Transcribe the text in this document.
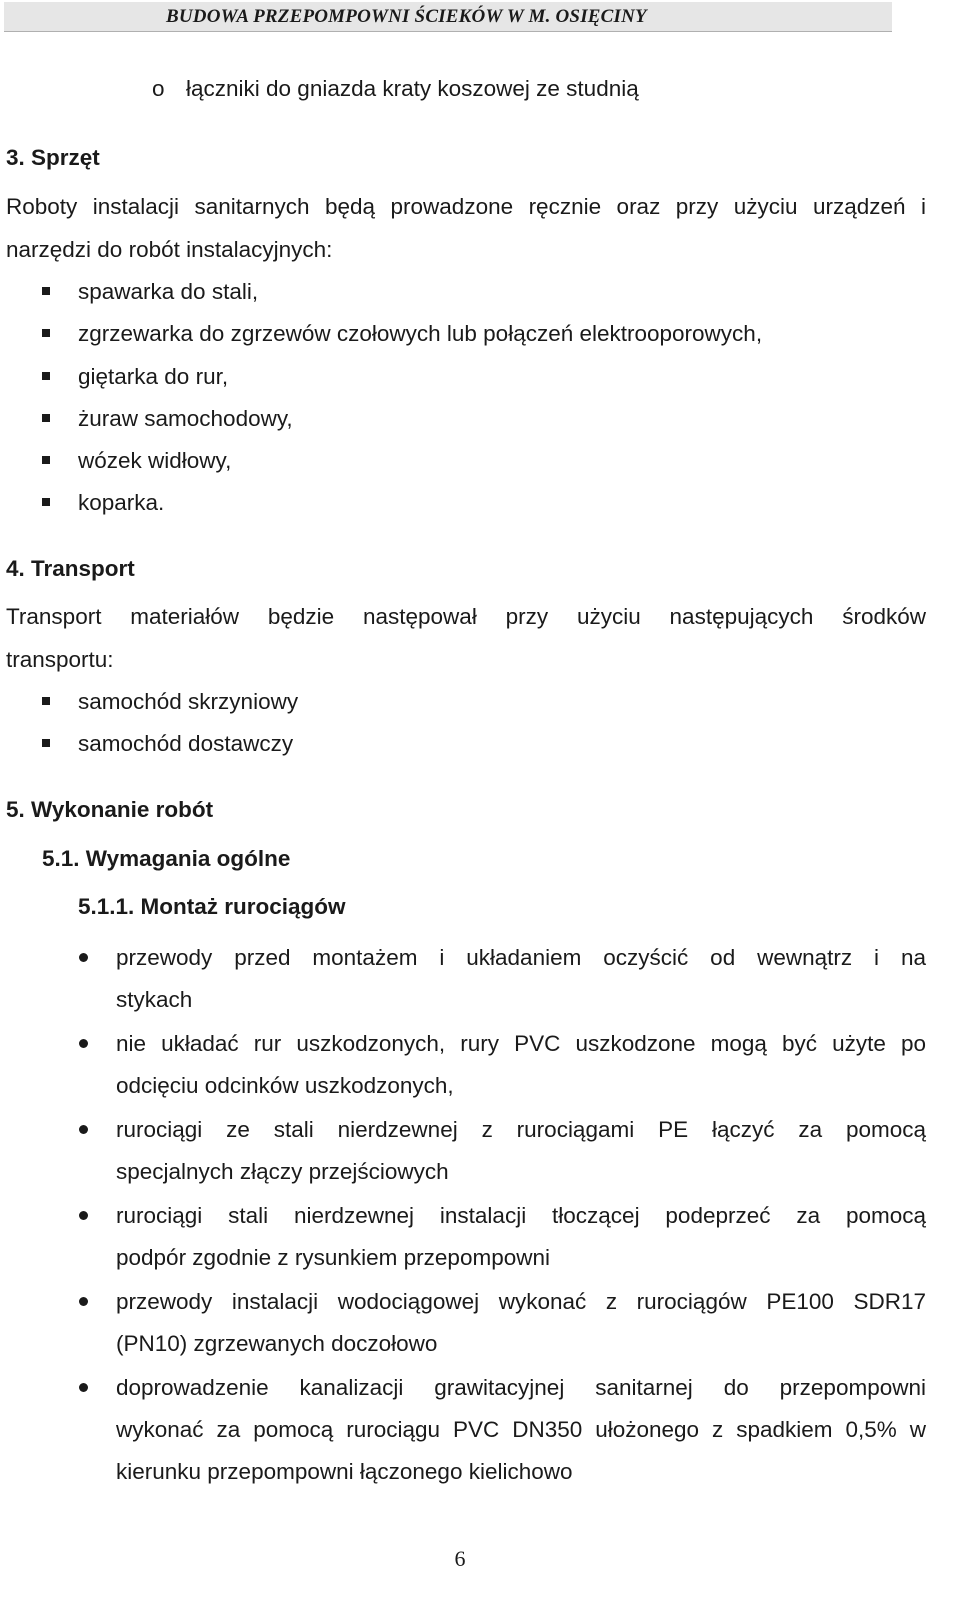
BUDOWA PRZEPOMPOWNI ŚCIEKÓW W M. OSIĘCINY
o łączniki do gniazda kraty koszowej ze studnią
3. Sprzęt
Roboty instalacji sanitarnych będą prowadzone ręcznie oraz przy użyciu urządzeń i
narzędzi do robót instalacyjnych:
spawarka do stali,
zgrzewarka do zgrzewów czołowych lub połączeń elektrooporowych,
giętarka do rur,
żuraw samochodowy,
wózek widłowy,
koparka.
4. Transport
Transport materiałów będzie następował przy użyciu następujących środków
transportu:
samochód skrzyniowy
samochód dostawczy
5. Wykonanie robót
5.1. Wymagania ogólne
5.1.1. Montaż rurociągów
przewody przed montażem i układaniem oczyścić od wewnątrz i na
stykach
nie układać rur uszkodzonych, rury PVC uszkodzone mogą być użyte po
odcięciu odcinków uszkodzonych,
rurociągi ze stali nierdzewnej z rurociągami PE łączyć za pomocą
specjalnych złączy przejściowych
rurociągi stali nierdzewnej instalacji tłoczącej podeprzeć za pomocą
podpór zgodnie z rysunkiem przepompowni
przewody instalacji wodociągowej wykonać z rurociągów PE100 SDR17
(PN10) zgrzewanych doczołowo
doprowadzenie kanalizacji grawitacyjnej sanitarnej do przepompowni
wykonać za pomocą rurociągu PVC DN350 ułożonego z spadkiem 0,5% w
kierunku przepompowni łączonego kielichowo
6
